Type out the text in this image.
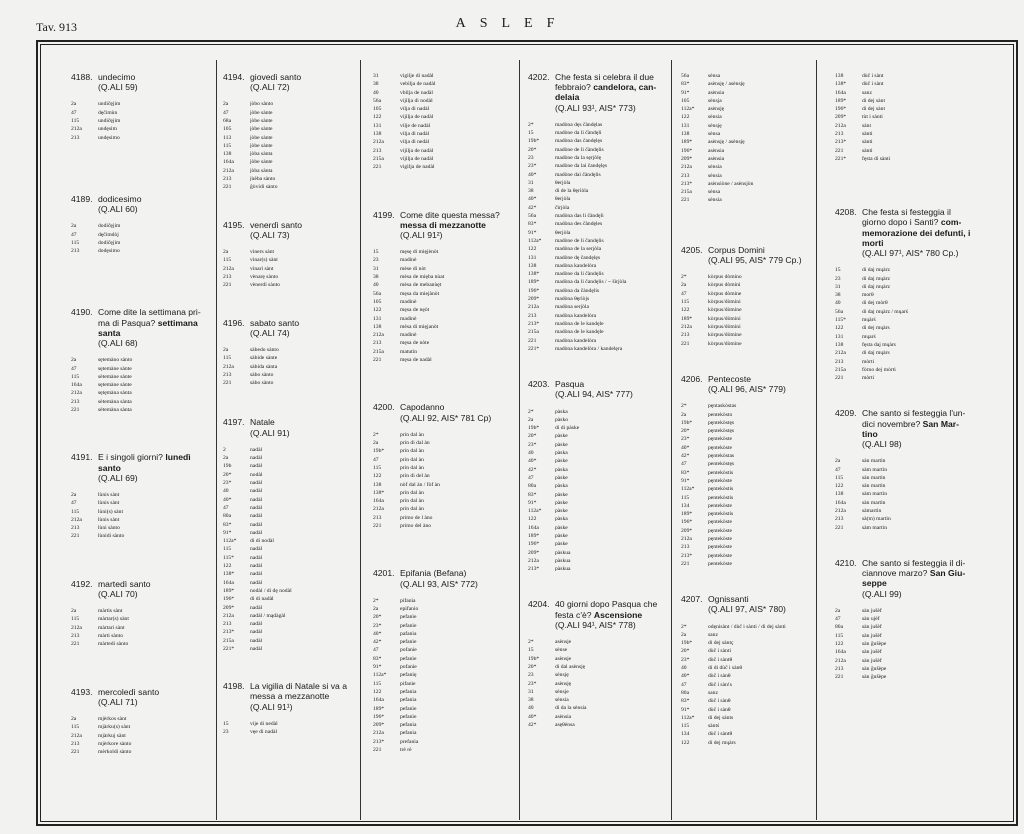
Tav. 913	ASLEF
4188. undecimo
(Q.ALI 59)
2a	undičęjim
47	dęčimùn
115	undičęjim
212a	undęsim
213	undęsimo
4189. dodicesimo
(Q.ALI 60)
2a	dodičęjim
47	dęčimdòj
115	dodičęjim
213	dodęsimo
4190. Come dite la settimana pri- ma di Pasqua? settimana santa
(Q.ALI 68)
2a	sętemàno sànto
47	sętemàne sànte
115	sètemàne sànte
164a	sętemàne sànte
212a	sętęmàna sànta
213	sètemàna sànta
221	sètemàna sànta
4191. E i singoli giorni? lunedì santo
(Q.ALI 69)
2a	lùnis sànt
47	lùnis sànt
115	lùni(s) sànt
212a	lùnis sànt
213	lùni sànto
221	lùnidi sànto
4192. martedì santo
(Q.ALI 70)
2a	màrtis sànt
115	màrtar(s) sànt
212a	màrtari sànt
213	màrti sànto
221	màrtedi sànto
4193. mercoledì santo
(Q.ALI 71)
2a	mjèrkos sànt
115	mjàrku(s) sànt
212a	mjàrkuj sànt
213	mjèrkore sànto
221	mèrkoldi sànto
4194. giovedì santo
(Q.ALI 72)
2a	jòbo sànto
47	jòbe sànte
68a	jòbe sànte
105	jòbe sànte
113	jòbe sànte
115	jòbe sànte
138	jòba sànta
164a	jòbe sànte
212a	jòba sànta
213	jùèba sànto
221	ĝòvidi sànto
4195. venerdì santo
(Q.ALI 73)
2a	vìners sànt
115	vìnar(s) sànt
212a	vìnari sànt
213	vènarę sànto
221	vènerdi sànto
4196. sabato santo
(Q.ALI 74)
2a	sàbedo sànto
115	sàbide sànte
212a	sàbida sànta
213	sàbo sànto
221	sàbo sànto
4197. Natale
(Q.ALI 91)
2	nadàl
2a	nadàl
19b	nadàl
20*	nodàl
23*	nadàl
40	nadàl
40*	nadàl
47	nadàl
80a	nadàl
83*	nadàl
91*	nadàl
112a*	di di nodàl
115	nadàl
115*	nadàl
122	nadàl
138*	nadàl
164a	nadàl
189*	nodàl / di dę nodàl
196*	di di nadàl
209*	nadàl
212a	nadàl / mądàgàl
213	nadàl
213*	nadàl
215a	nadàl
221*	nadàl
4198. La vigilia di Natale si va a messa a mezzanotte
(Q.ALI 91¹)
15	vije di nedàl
23	vęe di nadàl
31	vigìlje di nadàl
38	vebìlja de nadàl
40	vbìlja de nadàl
56a	vijìlja di nodàl
105	vilja di nadàl
122	vijìlja de nadàl
131	vìlje de nadàl
138	vilja di nadàl
212a	vilja di nedàl
213	vijìlja de nadàl
215a	vijìlja de nadàl
221	vigìlja de nadàl
4199. Come dite questa messa? messa di mezzanotte
(Q.ALI 91²)
15	męsę di mięjènòt
23	madinè
31	mèse di nòt
38	mèsa de mięba nùat
40	mèsa de mebanùęt
56a	męsa da miejànòt
105	madinè
122	męsa de nęòt
131	madinè
138	mèsa di mięjanòt
212a	madinè
213	męsa de nòte
215a	matutìn
221	męsa de nadàl
4200. Capodanno
(Q.ALI 92, AIS* 781 Cp)
2*	prin dal àn
2a	prin di dal àn
19b*	prin dal àn
47	prin dal àn
115	prin dal àn
122	prin di del àn
138	nòf dal àn / fòf àn
138*	prin dal àn
164a	prin dal àn
212a	prin dal àn
213	primo de l àno
221	primo del àno
4201. Epifania (Befana)
(Q.ALI 93, AIS* 772)
2*	pifanìa
2a	epifanìo
20*	pefanìe
23*	pefanìe
40*	pafanìa
42*	pefanìe
47	pofanìe
83*	pefanìe
91*	pofanìe
112a*	pefanìę
115	pifanìe
122	pefanìa
164a	pefanìa
189*	pefanìe
196*	pefanìe
209*	pefanìa
212a	pefanìa
213*	prefanìa
221	trè rè
4202. Che festa si celebra il due febbraio? candelora, can- delaia
(Q.ALI 93¹, AIS* 773)
2*	madòna dęs čàndęlas
15	madòne da li čàndęli
19b*	madòna das čandęlęs
20*	madòne de li čàndęlis
23	madòne da la sęrjòlę
23*	madòne da lai čandęlęs
40*	madòne dai čàndęlis
31	θerjòla
38	di de la θęrìòla
40*	θerjòla
42*	čìrjòla
56a	madòna das li čàndęli
83*	madòna des čàndęles
91*	θerjòla
112a*	madòne de li čandęlis
122	madòna de la serjòla
131	madòne dę čandęlęs
138	madòna kandelòra
138*	madòne da li čàndęlis
189*	madòna da li čandęlis / ~ širjòla
196*	madòna da čàndęlis
209*	madòna θęrìòjs
212a	madòna serjòla
213	madòna kandelòra
213*	madòna de le kandęle
215a	madòna de le kandęle
221	madòna kandelòra
221*	madòna kandelòra / kandelęra
4203. Pasqua
(Q.ALI 94, AIS* 777)
2*	pàska
2a	pàsko
19b*	di di pàske
20*	pàske
23*	pàske
40	pàska
40*	pàske
42*	pàska
47	pàske
80a	pàska
83*	pàske
91*	pàske
112a*	pàske
122	pàska
164a	pàske
189*	pàske
196*	pàske
209*	pàskua
212a	pàskua
213*	pàskua
4204. 40 giorni dopo Pasqua che festa c'è? Ascensione
(Q.ALI 94¹, AIS* 778)
2*	asènsje
15	sènse
19b*	asènsje
20*	di dal asènsję
23	sènsję
23*	asènsję
31	sènsje
38	sènsia
40	di da la sènsia
40*	asènsia
42*	asęθènsa
56a	sènsa
83*	asènsję / asènsję
91*	asènsia
105	sènsja
112a*	asènsję
122	sènsia
131	sènsję
138	sènsa
189*	asènsję / asènsję
196*	asènsia
209*	asènsia
212a	sènsia
213	sènsia
213*	asènsiòne / asènsjòn
215a	sènsa
221	sènsia
4205. Corpus Domini
(Q.ALI 95, AIS* 779 Cp.)
2*	kòrpus dòmino
2a	kòrpus dòmini
47	kòrpus dòmine
115	kòrpus/dòmini
122	kòrpus/dòmine
189*	kòrpus/dòmini
212a	kòrpus/dòmini
213	kòrpus/dòmine
221	kòrpus/dòmine
4206. Pentecoste
(Q.ALI 96, AIS* 779)
2*	pęntaskòstas
2a	pentekòsto
19b*	pęntekòstęs
20*	pęntekòstęs
23*	pęntekòste
40*	pęntekòste
42*	pęntekòstas
47	pentekòstęs
83*	pentekòstis
91*	pęntekòste
112a*	pęntekòstis
115	pentekòstis
134	pentekòste
189*	pęntekòstis
196*	pęntekòste
209*	pęntekòste
212a	pęntekòste
213	pęntekòste
213*	pęntekòste
221	pentekòste
4207. Ognissanti
(Q.ALI 97, AIS* 780)
2*	odęnisànt / dùč i sànti / di dej sànti
2a	sanz
19b*	di dej sàntç
20*	dùč i sànti
23*	dùč i sàntθ
40	di di dùč i sànθ
40*	dùč i sànθ
47	dùč i sàn!s
80a	sanz
83*	dùč i sànθ
91*	dùč i sànθ
112a*	di dej sànts
115	sàntś
134	dùč i sàntθ
122	di dej mųàrs
138	dùč i sànt
138*	dùč i sànt
164a	sanz
189*	di dej sànt
196*	di dej sànt
209*	tùt i sànti
212a	sànt
213	sànti
213*	sànti
221	sànti
221*	fęsta di sànti
4208. Che festa si festeggia il giorno dopo i Santi? com- memorazione dei defunti, i morti
(Q.ALI 97¹, AIS* 780 Cp.)
15	di daj mųàrz
23	di daj mųàrz
31	di daj mųàrz
38	morθ
40	di dej mòrθ
56a	di daj mųàrz / mųarś
115*	mųàrś
122	di dej mųàrs
131	mųarś
138	fęsta daj mųàrs
212a	di daj mųàrs
213	mòrti
215a	fòrno dej mòrti
221	mòrti
4209. Che santo si festeggia l'un- dici novembre? San Mar- tino
(Q.ALI 98)
2a	sàn martìn
47	sàm martìn
115	sàn martìn
122	sàn martìn
138	sàm martìn
164a	sàn martìn
212a	sàmartìn
213	sà(m) martìn
221	sàm martìn
4210. Che santo si festeggia il di- ciannove marzo? San Giu- seppe
(Q.ALI 99)
2a	sàn jušèf
47	sàn ujèf
80a	sàn jušèf
115	sàn jušèf
122	sàn ğušèpe
164a	sàn jušèf
212a	sàn jušèf
213	sàn ğušèpe
221	sàn ğušèpe
